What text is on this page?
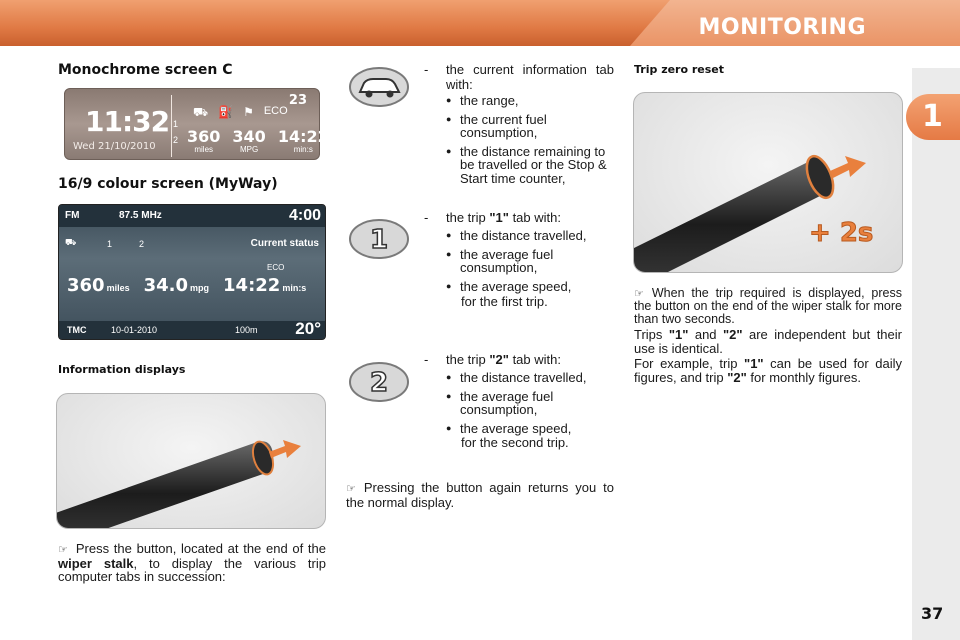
MONITORING
1
37
Monochrome screen C
11:32
Wed 21/10/2010
1
2
23
⛟ ⛽ ⚑ ECO
360
miles
340
MPG
14:22
min:s
16/9 colour screen (MyWay)
FM	87.5 MHz	4:00
⛟	1	2	Current status
ECO
360 miles 34.0 mpg 14:22 min:s
TMC	10-01-2010	100m 20°
Information displays
☞ Press the button, located at the end of the wiper stalk, to display the various trip computer tabs in succession:
- the current information tab with:
● the range,
● the current fuel consumption,
● the distance remaining to be travelled or the Stop & Start time counter,
1
- the trip "1" tab with:
● the distance travelled,
● the average fuel consumption,
● the average speed,
for the first trip.
2
- the trip "2" tab with:
● the distance travelled,
● the average fuel consumption,
● the average speed,
for the second trip.
☞ Pressing the button again returns you to the normal display.
Trip zero reset
+ 2s
☞ When the trip required is displayed, press the button on the end of the wiper stalk for more than two seconds.
Trips "1" and "2" are independent but their use is identical.
For example, trip "1" can be used for daily figures, and trip "2" for monthly figures.
